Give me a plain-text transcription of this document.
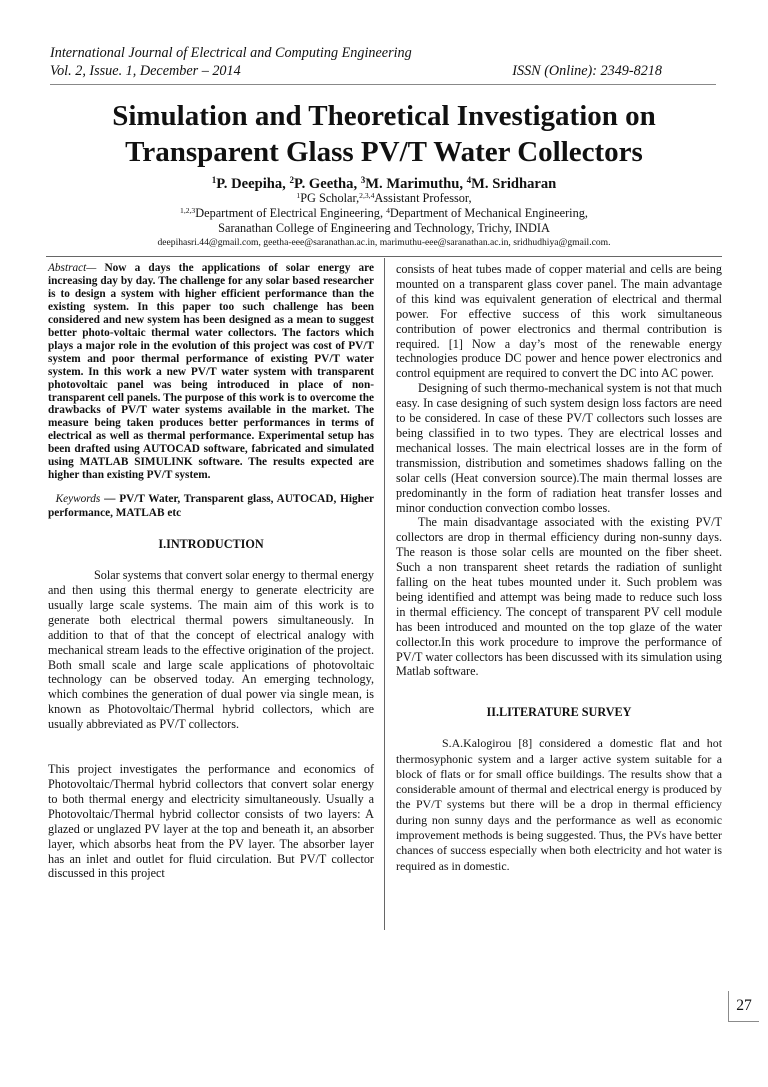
International Journal of Electrical and Computing Engineering
Vol. 2, Issue. 1, December – 2014	ISSN (Online): 2349-8218
Simulation and Theoretical Investigation on
Transparent Glass PV/T Water Collectors
$^1$P. Deepiha, $^2$P. Geetha, $^3$M. Marimuthu, $^4$M. Sridharan
$^1$PG Scholar,$^{2,3,4}$Assistant Professor,
$^{1,2,3}$Department of Electrical Engineering, $^4$Department of Mechanical Engineering,
Saranathan College of Engineering and Technology, Trichy, INDIA
deepihasri.44@gmail.com, geetha-eee@saranathan.ac.in, marimuthu-eee@saranathan.ac.in, sridhudhiya@gmail.com.

Abstract— Now a days the applications of solar energy are increasing day by day. The challenge for any solar based researcher is to design a system with higher efficient performance than the existing system. In this paper too such challenge has been considered and new system has been designed as a mean to suggest better photo-voltaic thermal water collectors. The factors which plays a major role in the evolution of this project was cost of PV/T system and poor thermal performance of existing PV/T water system. In this work a new PV/T water system with transparent photovoltaic panel was being introduced in place of non-transparent cell panels. The purpose of this work is to overcome the drawbacks of PV/T water systems available in the market. The measure being taken produces better performances in terms of electrical as well as thermal performance. Experimental setup has been drafted using AUTOCAD software, fabricated and simulated using MATLAB SIMULINK software. The results expected are higher than existing PV/T system.

Keywords — PV/T Water, Transparent glass, AUTOCAD, Higher performance, MATLAB etc

I.INTRODUCTION

Solar systems that convert solar energy to thermal energy and then using this thermal energy to generate electricity are usually large scale systems. The main aim of this work is to generate both electrical thermal powers simultaneously. In addition to that of that the concept of electrical analogy with mechanical stream leads to the effective origination of the project. Both small scale and large scale applications of photovoltaic technology can be observed today. An emerging technology, which combines the generation of dual power via single mean, is known as Photovoltaic/Thermal hybrid collectors, which are usually abbreviated as PV/T collectors.

This project investigates the performance and economics of Photovoltaic/Thermal hybrid collectors that convert solar energy to both thermal energy and electricity simultaneously. Usually a Photovoltaic/Thermal hybrid collector consists of two layers: A glazed or unglazed PV layer at the top and beneath it, an absorber layer, which absorbs heat from the PV layer. The absorber layer has an inlet and outlet for fluid circulation. But PV/T collector discussed in this project

consists of heat tubes made of copper material and cells are being mounted on a transparent glass cover panel. The main advantage of this kind was equivalent generation of electrical and thermal power. For effective success of this work simultaneous contribution of power electronics and thermal contribution is required. [1] Now a day’s most of the renewable energy technologies produce DC power and hence power electronics and control equipment are required to convert the DC into AC power.

Designing of such thermo-mechanical system is not that much easy. In case designing of such system design loss factors are need to be considered. In case of these PV/T collectors such losses are being classified in to two types. They are electrical losses and mechanical losses. The main electrical losses are in the form of transmission, distribution and sometimes shadows falling on the solar cells (Heat conversion source).The main thermal losses are predominantly in the form of radiation heat transfer losses and minor conduction convection combo losses.

The main disadvantage associated with the existing PV/T collectors are drop in thermal efficiency during non-sunny days. The reason is those solar cells are mounted on the fiber sheet. Such a non transparent sheet retards the radiation of sunlight falling on the heat tubes mounted under it. Such problem was being identified and attempt was being made to reduce such loss in thermal efficiency. The concept of transparent PV cell module has been introduced and mounted on the top glaze of the water collector.In this work procedure to improve the performance of PV/T water collectors has been discussed with its simulation using Matlab software.

II.LITERATURE SURVEY

S.A.Kalogirou [8] considered a domestic flat and hot thermosyphonic system and a larger active system suitable for a block of flats or for small office buildings. The results show that a considerable amount of thermal and electrical energy is produced by the PV/T systems but there will be a drop in thermal efficiency during non sunny days and the performance as well as economic improvement methods is being suggested. Thus, the PVs have better chances of success especially when both electricity and hot water is required as in domestic.

27
